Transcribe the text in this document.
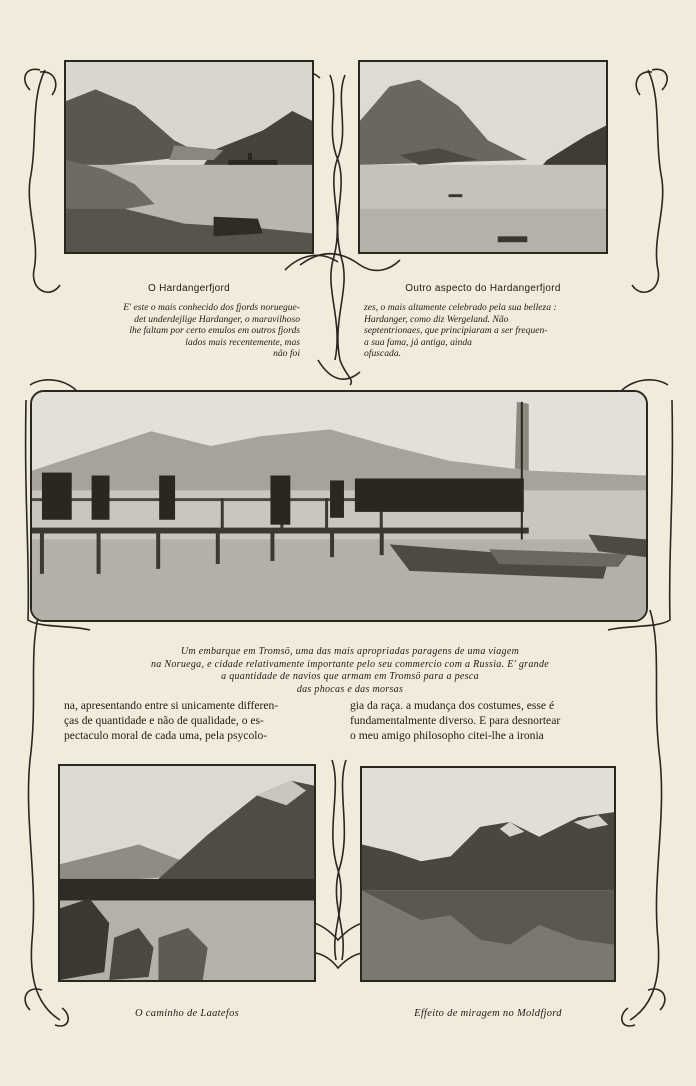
O Hardangerfjord	Outro aspecto do Hardangerfjord
E' este o mais conhecido dos fjords norueguе-
det underdejlige Hardanger, o maravilhoso
lhe faltam por certo emulos em outros fjords
lados mais recentemente, mas
não foi
zes, o mais altamente celebrado pela sua belleza :
Hardanger, como diz Wergeland. Não
septentrionaes, que principiaram a ser frequen-
a sua fama, já antiga, ainda
ofuscada.
Um embarque em Tromsö, uma das mais apropriadas paragens de uma viagem
na Noruega, e cidade relativamente importante pelo seu commercio com a Russia. E' grande
a quantidade de navios que armam em Tromsö para a pesca
das phocas e das morsas
na, apresentando entre si unicamente differen-
ças de quantidade e não de qualidade, o es-
pectaculo moral de cada uma, pela psycolo-
gia da raça. a mudança dos costumes, esse é
fundamentalmente diverso. E para desnortear
o meu amigo philosopho citei-lhe a ironia
O caminho de Laatefos	Effeito de miragem no Moldfjord
